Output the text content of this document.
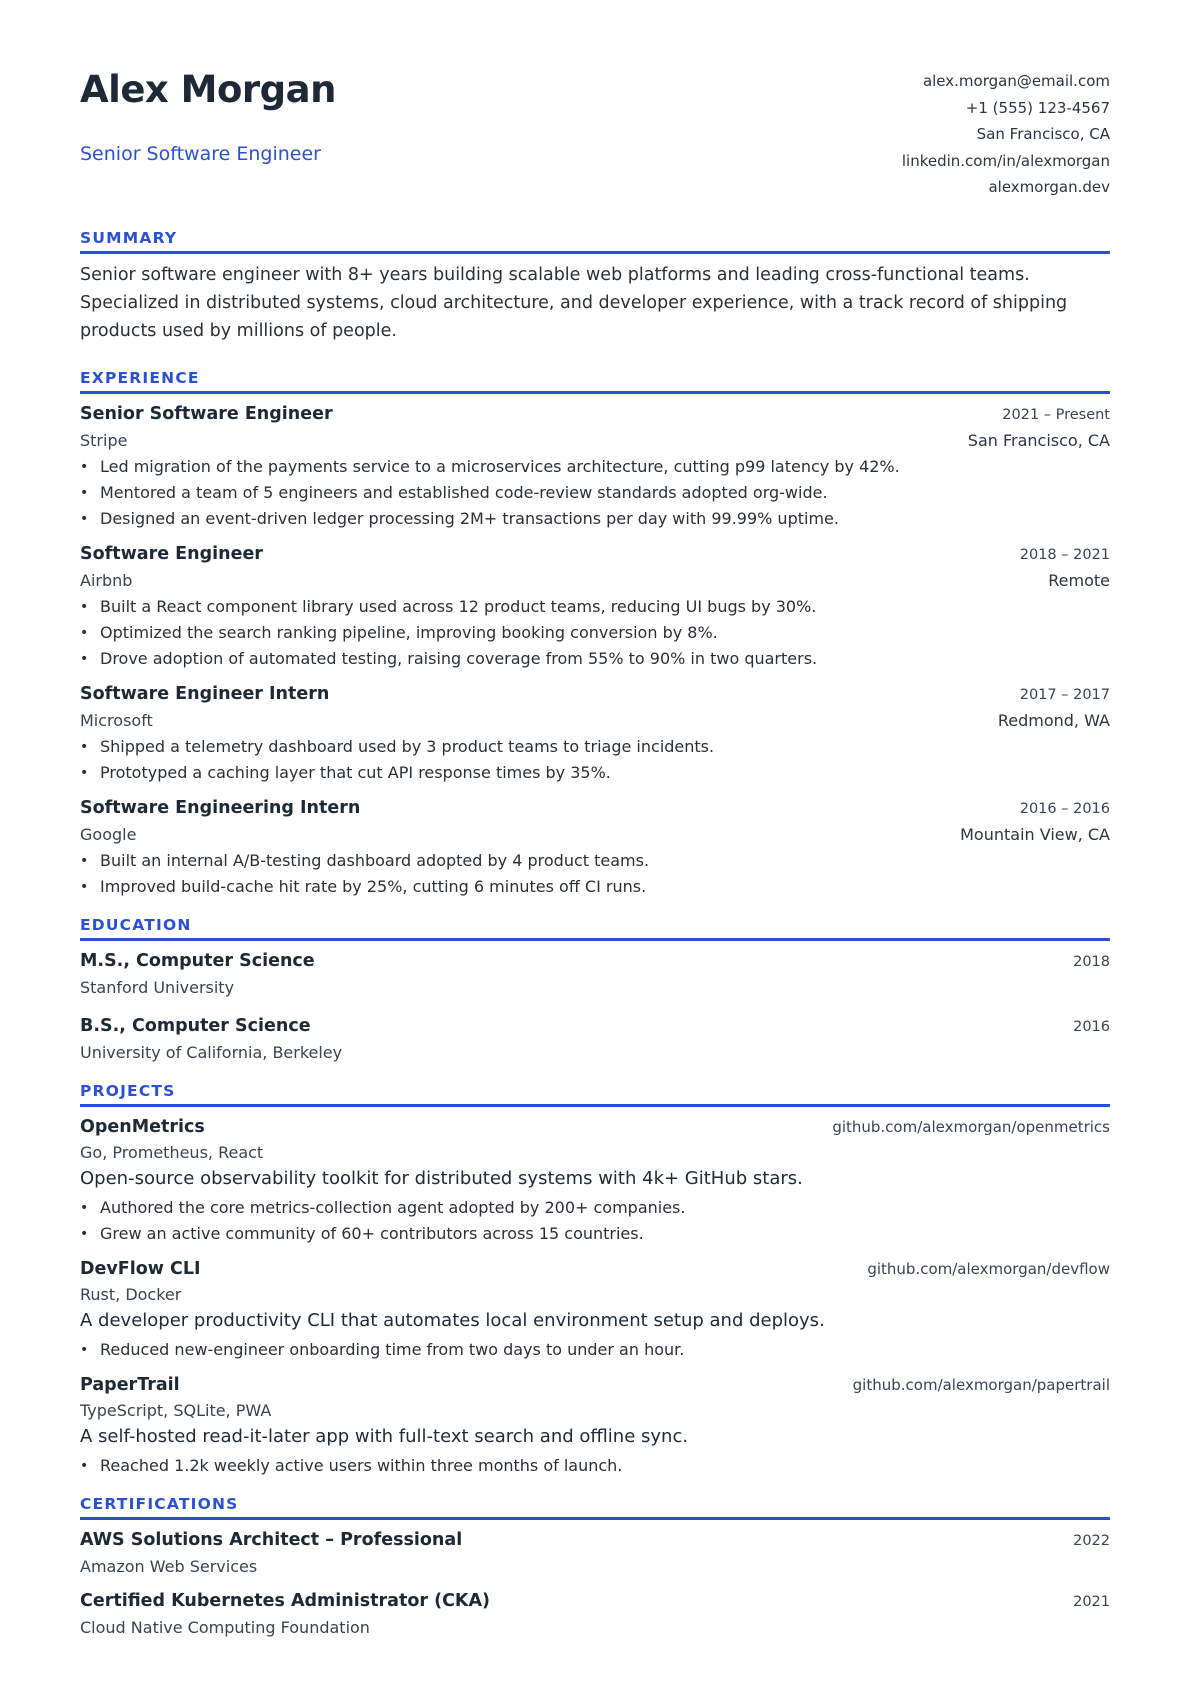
Alex Morgan
Senior Software Engineer
alex.morgan@email.com
+1 (555) 123-4567
San Francisco, CA
linkedin.com/in/alexmorgan
alexmorgan.dev
SUMMARY

Senior software engineer with 8+ years building scalable web platforms and leading cross-functional teams. Specialized in distributed systems, cloud architecture, and developer experience, with a track record of shipping products used by millions of people.

EXPERIENCE
Senior Software Engineer	2021 – Present
Stripe	San Francisco, CA
• Led migration of the payments service to a microservices architecture, cutting p99 latency by 42%.
• Mentored a team of 5 engineers and established code-review standards adopted org-wide.
• Designed an event-driven ledger processing 2M+ transactions per day with 99.99% uptime.
Software Engineer	2018 – 2021
Airbnb	Remote
• Built a React component library used across 12 product teams, reducing UI bugs by 30%.
• Optimized the search ranking pipeline, improving booking conversion by 8%.
• Drove adoption of automated testing, raising coverage from 55% to 90% in two quarters.
Software Engineer Intern	2017 – 2017
Microsoft	Redmond, WA
• Shipped a telemetry dashboard used by 3 product teams to triage incidents.
• Prototyped a caching layer that cut API response times by 35%.
Software Engineering Intern	2016 – 2016
Google	Mountain View, CA
• Built an internal A/B-testing dashboard adopted by 4 product teams.
• Improved build-cache hit rate by 25%, cutting 6 minutes off CI runs.
EDUCATION
M.S., Computer Science	2018
Stanford University
B.S., Computer Science	2016
University of California, Berkeley
PROJECTS
OpenMetrics	github.com/alexmorgan/openmetrics
Go, Prometheus, React
Open-source observability toolkit for distributed systems with 4k+ GitHub stars.
• Authored the core metrics-collection agent adopted by 200+ companies.
• Grew an active community of 60+ contributors across 15 countries.
DevFlow CLI	github.com/alexmorgan/devflow
Rust, Docker
A developer productivity CLI that automates local environment setup and deploys.
• Reduced new-engineer onboarding time from two days to under an hour.
PaperTrail	github.com/alexmorgan/papertrail
TypeScript, SQLite, PWA
A self-hosted read-it-later app with full-text search and offline sync.
• Reached 1.2k weekly active users within three months of launch.
CERTIFICATIONS
AWS Solutions Architect – Professional	2022
Amazon Web Services
Certified Kubernetes Administrator (CKA)	2021
Cloud Native Computing Foundation
